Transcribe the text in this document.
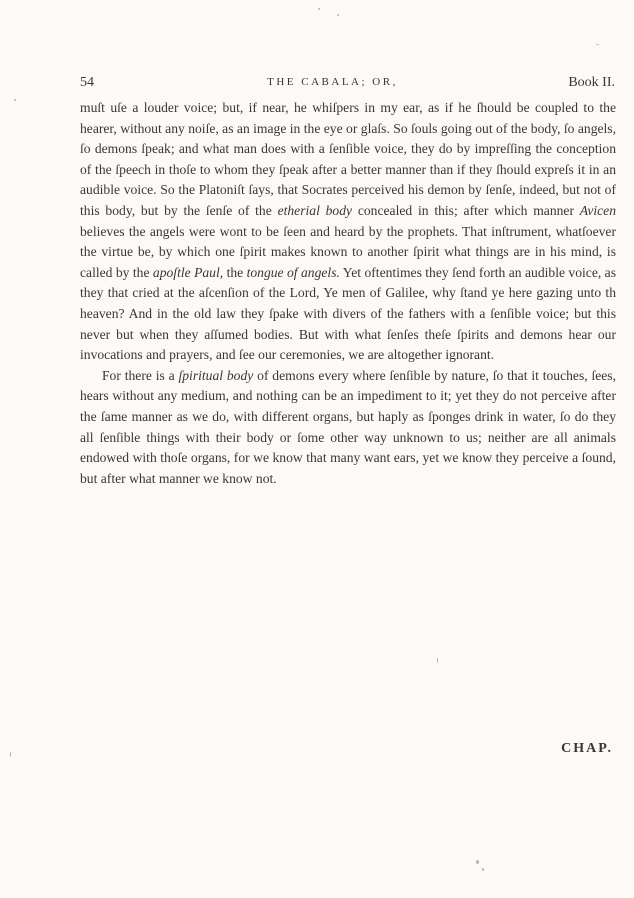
54	THE CABALA; OR,	Book II.

muſt uſe a louder voice; but, if near, he whiſpers in my ear, as if he ſhould be coupled to the hearer, without any noiſe, as an image in the eye or glaſs. So ſouls going out of the body, ſo angels, ſo demons ſpeak; and what man does with a ſenſible voice, they do by impreſſing the conception of the ſpeech in thoſe to whom they ſpeak after a better manner than if they ſhould expreſs it in an audible voice. So the Platoniſt ſays, that Socrates perceived his demon by ſenſe, indeed, but not of this body, but by the ſenſe of the etherial body concealed in this; after which manner Avicen believes the angels were wont to be ſeen and heard by the prophets. That inſtrument, whatſoever the virtue be, by which one ſpirit makes known to another ſpirit what things are in his mind, is called by the apoſtle Paul, the tongue of angels. Yet oftentimes they ſend forth an audible voice, as they that cried at the aſcenſion of the Lord, Ye men of Galilee, why ſtand ye here gazing unto th heaven? And in the old law they ſpake with divers of the fathers with a ſenſible voice; but this never but when they aſſumed bodies. But with what ſenſes theſe ſpirits and demons hear our invocations and prayers, and ſee our ceremonies, we are altogether ignorant.

For there is a ſpiritual body of demons every where ſenſible by nature, ſo that it touches, ſees, hears without any medium, and nothing can be an impediment to it; yet they do not perceive after the ſame manner as we do, with different organs, but haply as ſponges drink in water, ſo do they all ſenſible things with their body or ſome other way unknown to us; neither are all animals endowed with thoſe organs, for we know that many want ears, yet we know they perceive a ſound, but after what manner we know not.

CHAP.
